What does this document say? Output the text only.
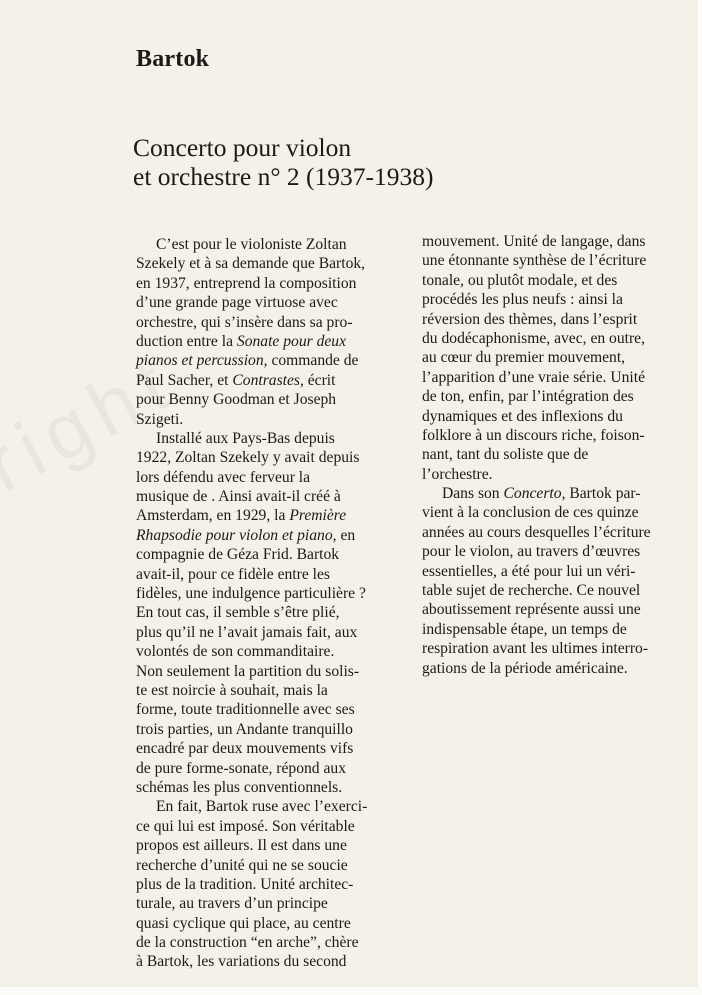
Bartok
Concerto pour violon
et orchestre n° 2 (1937-1938)
C’est pour le violoniste Zoltan
Szekely et à sa demande que Bartok,
en 1937, entreprend la composition
d’une grande page virtuose avec
orchestre, qui s’insère dans sa pro-
duction entre la Sonate pour deux
pianos et percussion, commande de
Paul Sacher, et Contrastes, écrit
pour Benny Goodman et Joseph
Szigeti.
Installé aux Pays-Bas depuis
1922, Zoltan Szekely y avait depuis
lors défendu avec ferveur la
musique de . Ainsi avait-il créé à
Amsterdam, en 1929, la Première
Rhapsodie pour violon et piano, en
compagnie de Géza Frid. Bartok
avait-il, pour ce fidèle entre les
fidèles, une indulgence particulière ?
En tout cas, il semble s’être plié,
plus qu’il ne l’avait jamais fait, aux
volontés de son commanditaire.
Non seulement la partition du solis-
te est noircie à souhait, mais la
forme, toute traditionnelle avec ses
trois parties, un Andante tranquillo
encadré par deux mouvements vifs
de pure forme-sonate, répond aux
schémas les plus conventionnels.
En fait, Bartok ruse avec l’exerci-
ce qui lui est imposé. Son véritable
propos est ailleurs. Il est dans une
recherche d’unité qui ne se soucie
plus de la tradition. Unité architec-
turale, au travers d’un principe
quasi cyclique qui place, au centre
de la construction “en arche”, chère
à Bartok, les variations du second
mouvement. Unité de langage, dans
une étonnante synthèse de l’écriture
tonale, ou plutôt modale, et des
procédés les plus neufs : ainsi la
réversion des thèmes, dans l’esprit
du dodécaphonisme, avec, en outre,
au cœur du premier mouvement,
l’apparition d’une vraie série. Unité
de ton, enfin, par l’intégration des
dynamiques et des inflexions du
folklore à un discours riche, foison-
nant, tant du soliste que de
l’orchestre.
Dans son Concerto, Bartok par-
vient à la conclusion de ces quinze
années au cours desquelles l’écriture
pour le violon, au travers d’œuvres
essentielles, a été pour lui un véri-
table sujet de recherche. Ce nouvel
aboutissement représente aussi une
indispensable étape, un temps de
respiration avant les ultimes interro-
gations de la période américaine.
